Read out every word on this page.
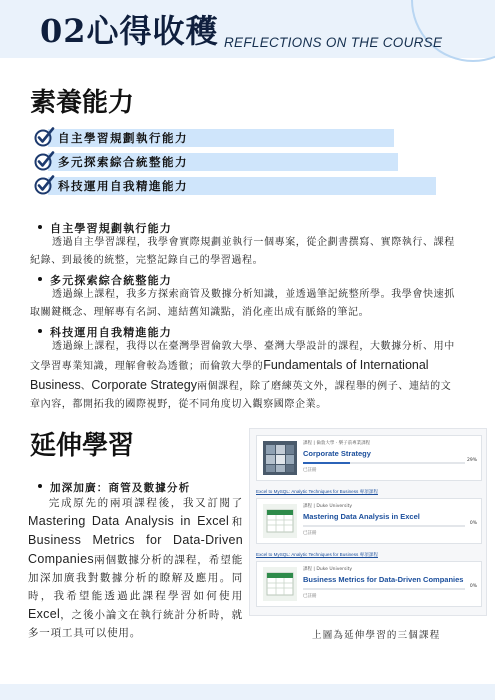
02心得收穫 REFLECTIONS ON THE COURSE
素養能力
自主學習規劃執行能力
多元探索綜合統整能力
科技運用自我精進能力
自主學習規劃執行能力
透過自主學習課程，我學會實際規劃並執行一個專案，從企劃書撰寫、實際執行、課程紀錄、到最後的統整，完整記錄自己的學習過程。
多元探索綜合統整能力
透過線上課程，我多方探索商管及數據分析知識，並透過筆記統整所學。我學會快速抓取關鍵概念、理解專有名詞、連結舊知識點，消化產出成有脈絡的筆記。
科技運用自我精進能力
透過線上課程，我得以在臺灣學習倫敦大學、臺灣大學設計的課程，大數據分析、用中文學習專業知識，理解會較為透徹；而倫敦大學的Fundamentals of International Business、Corporate Strategy兩個課程，除了磨練英文外，課程舉的例子、連結的文章內容，都開拓我的國際視野，從不同角度切入觀察國際企業。
延伸學習
加深加廣：商管及數據分析
完成原先的兩項課程後，我又訂閱了Mastering Data Analysis in Excel和Business Metrics for Data-Driven Companies兩個數據分析的課程，希望能加深加廣我對數據分析的瞭解及應用。同時，我希望能透過此課程學習如何使用Excel，之後小論文在執行統計分析時，就多一項工具可以使用。
課程 | 倫敦大學 · 樂子前專業課程
Corporate Strategy
29%
已註冊
Excel to MySQL: Analytic Techniques for Business 專項課程
課程 | Duke University
Mastering Data Analysis in Excel
0%
已註冊
Excel to MySQL: Analytic Techniques for Business 專項課程
課程 | Duke University
Business Metrics for Data-Driven Companies
0%
已註冊
上圖為延伸學習的三個課程
